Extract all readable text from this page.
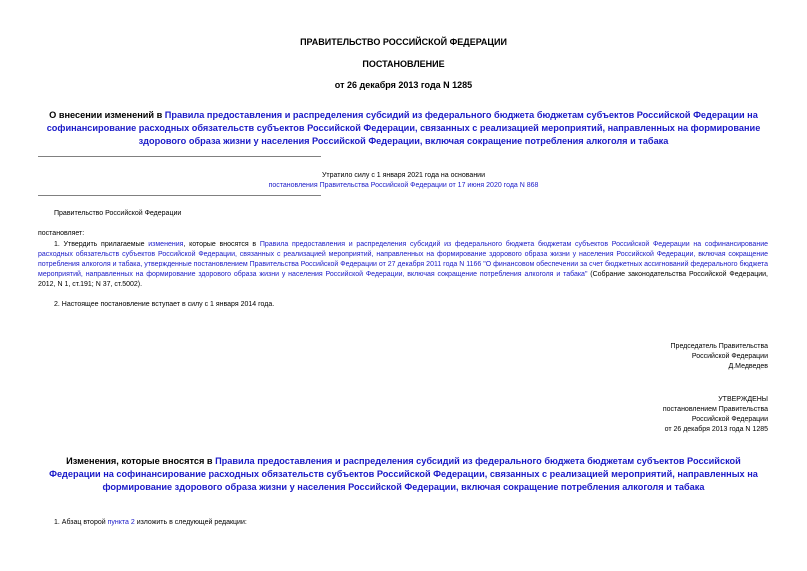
ПРАВИТЕЛЬСТВО РОССИЙСКОЙ ФЕДЕРАЦИИ
ПОСТАНОВЛЕНИЕ
от 26 декабря 2013 года N 1285
О внесении изменений в Правила предоставления и распределения субсидий из федерального бюджета бюджетам субъектов Российской Федерации на софинансирование расходных обязательств субъектов Российской Федерации, связанных с реализацией мероприятий, направленных на формирование здорового образа жизни у населения Российской Федерации, включая сокращение потребления алкоголя и табака
Утратило силу с 1 января 2021 года на основании
постановления Правительства Российской Федерации от 17 июня 2020 года N 868
Правительство Российской Федерации
постановляет:
1. Утвердить прилагаемые изменения, которые вносятся в Правила предоставления и распределения субсидий из федерального бюджета бюджетам субъектов Российской Федерации на софинансирование расходных обязательств субъектов Российской Федерации, связанных с реализацией мероприятий, направленных на формирование здорового образа жизни у населения Российской Федерации, включая сокращение потребления алкоголя и табака, утвержденные постановлением Правительства Российской Федерации от 27 декабря 2011 года N 1166 "О финансовом обеспечении за счет бюджетных ассигнований федерального бюджета мероприятий, направленных на формирование здорового образа жизни у населения Российской Федерации, включая сокращение потребления алкоголя и табака" (Собрание законодательства Российской Федерации, 2012, N 1, ст.191; N 37, ст.5002).
2. Настоящее постановление вступает в силу с 1 января 2014 года.
Председатель Правительства
Российской Федерации
Д.Медведев
УТВЕРЖДЕНЫ
постановлением Правительства
Российской Федерации
от 26 декабря 2013 года N 1285
Изменения, которые вносятся в Правила предоставления и распределения субсидий из федерального бюджета бюджетам субъектов Российской Федерации на софинансирование расходных обязательств субъектов Российской Федерации, связанных с реализацией мероприятий, направленных на формирование здорового образа жизни у населения Российской Федерации, включая сокращение потребления алкоголя и табака
1. Абзац второй пункта 2 изложить в следующей редакции:
